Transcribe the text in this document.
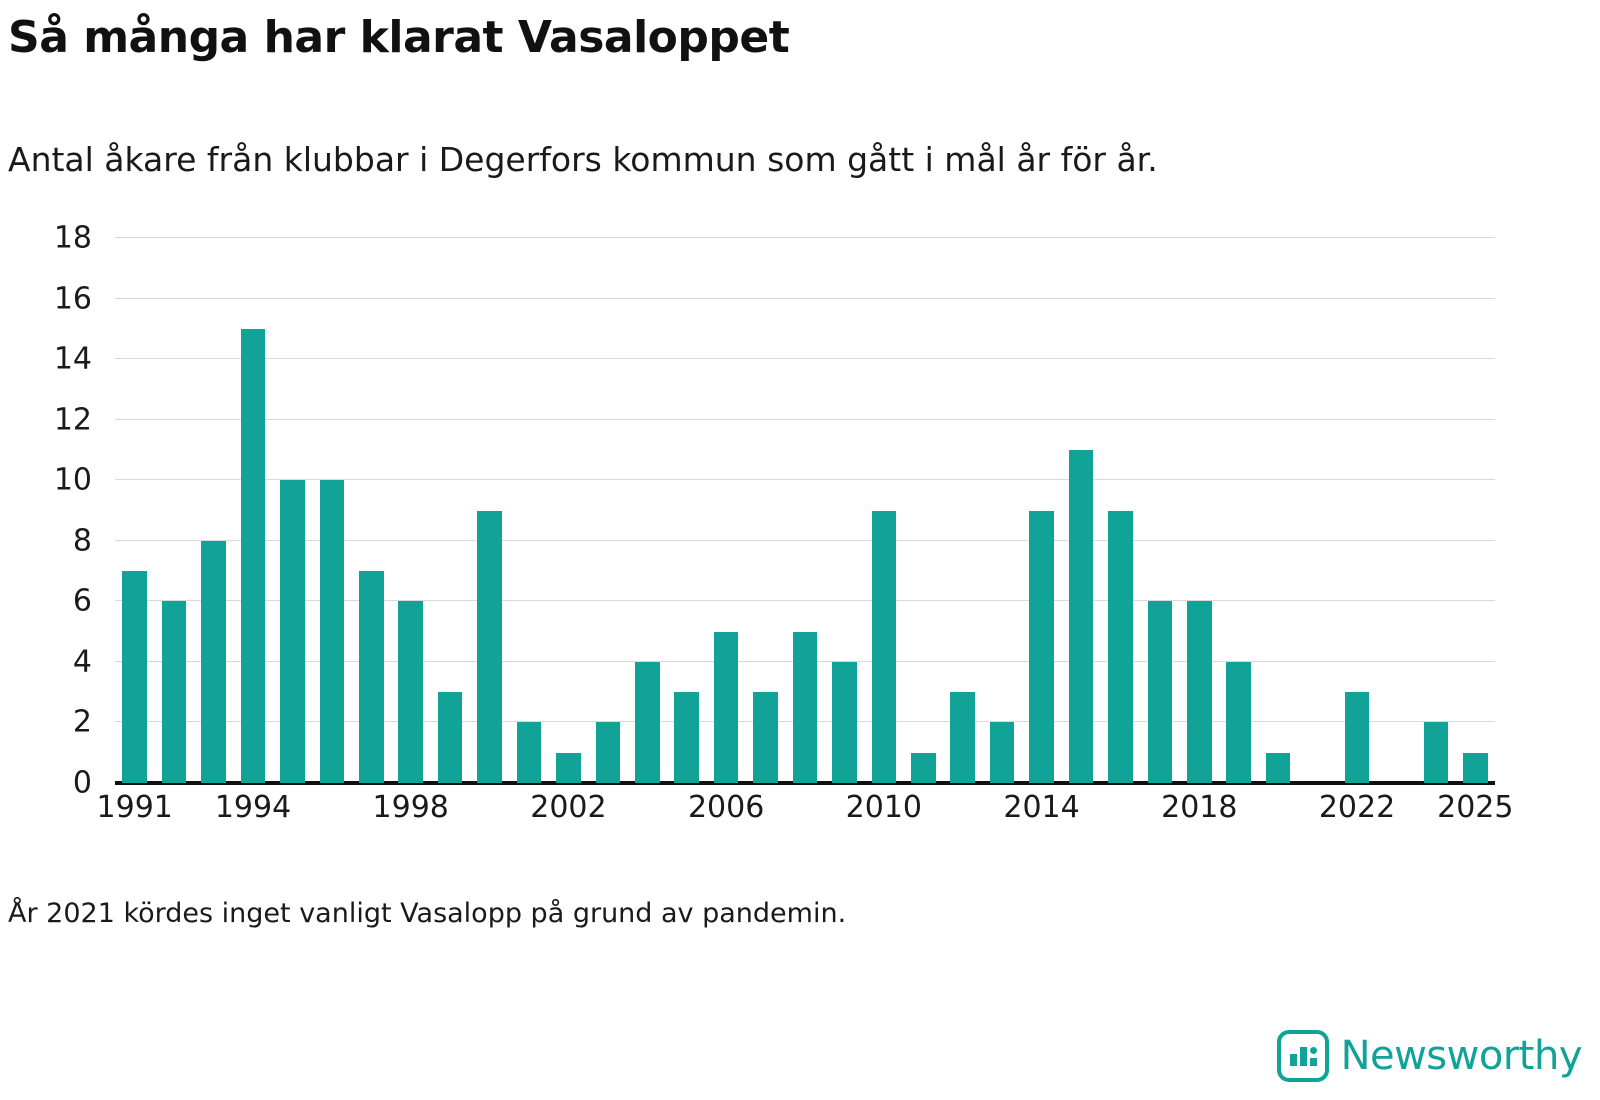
Så många har klarat Vasaloppet
Antal åkare från klubbar i Degerfors kommun som gått i mål år för år.
0
2
4
6
8
10
12
14
16
18
1991 1994	1998	2002	2006	2010	2014	2018	2022 2025
År 2021 kördes inget vanligt Vasalopp på grund av pandemin.
Newsworthy
